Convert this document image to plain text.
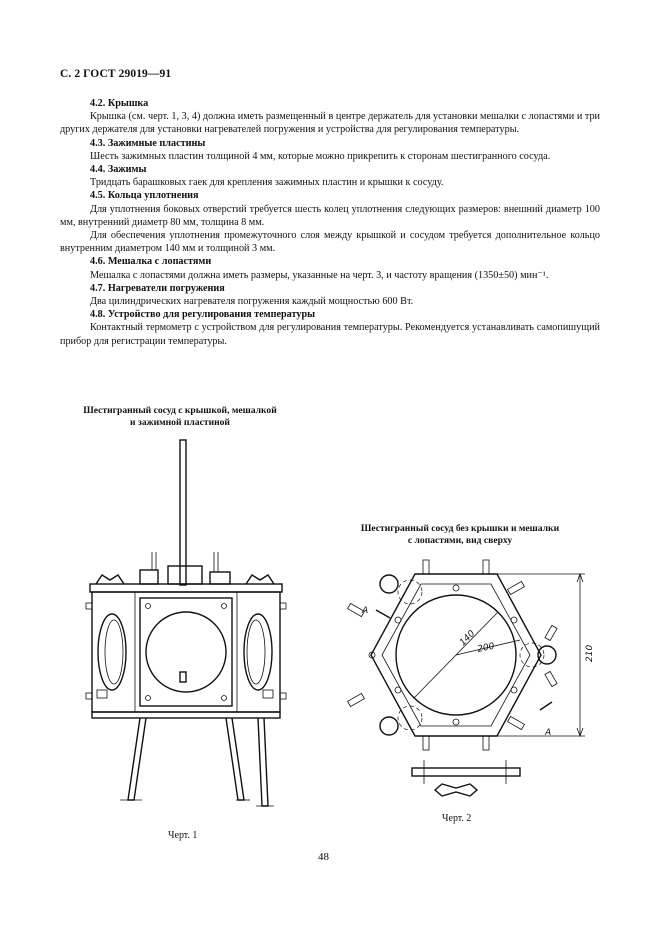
С. 2 ГОСТ 29019—91
4.2. Крышка

Крышка (см. черт. 1, 3, 4) должна иметь размещенный в центре держатель для установки мешалки с лопастями и три других держателя для установки нагревателей погружения и устройства для регулирования температуры.

4.3. Зажимные пластины

Шесть зажимных пластин толщиной 4 мм, которые можно прикрепить к сторонам шестигранного сосуда.

4.4. Зажимы

Тридцать барашковых гаек для крепления зажимных пластин и крышки к сосуду.

4.5. Кольца уплотнения

Для уплотнения боковых отверстий требуется шесть колец уплотнения следующих размеров: внешний диаметр 100 мм, внутренний диаметр 80 мм, толщина 8 мм.

Для обеспечения уплотнения промежуточного слоя между крышкой и сосудом требуется дополнительное кольцо внутренним диаметром 140 мм и толщиной 3 мм.

4.6. Мешалка с лопастями

Мешалка с лопастями должна иметь размеры, указанные на черт. 3, и частоту вращения (1350±50) мин⁻¹.

4.7. Нагреватели погружения

Два цилиндрических нагревателя погружения каждый мощностью 600 Вт.

4.8. Устройство для регулирования температуры

Контактный термометр с устройством для регулирования температуры. Рекомендуется устанавливать самопишущий прибор для регистрации температуры.

Шестигранный сосуд с крышкой, мешалкой
и зажимной пластиной
Черт. 1
Шестигранный сосуд без крышки и мешалки
с лопастями, вид сверху
140
200	210
А
А
Черт. 2
48
